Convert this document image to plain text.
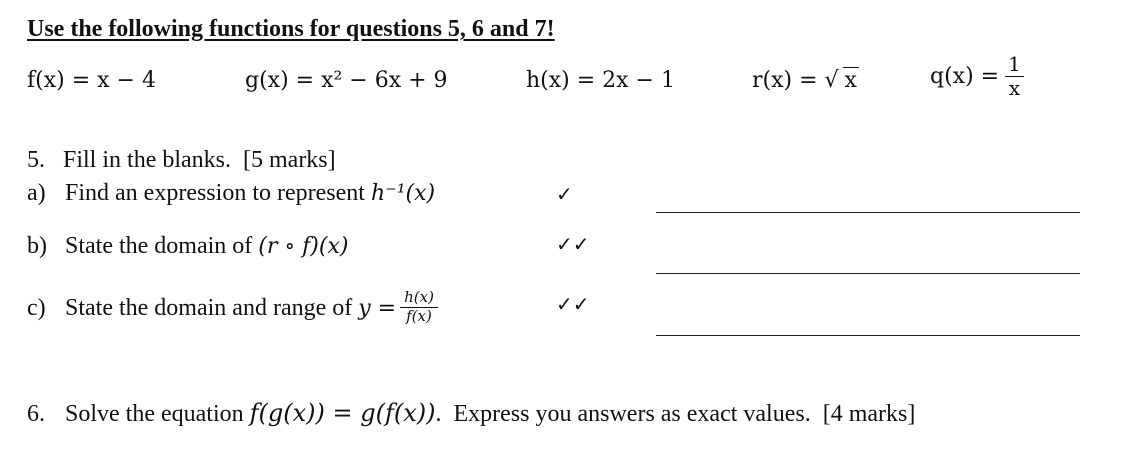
Use the following functions for questions 5, 6 and 7!
f(x) = x − 4	g(x) = x² − 6x + 9	h(x) = 2x − 1	r(x) = √ x	$q(x) = \frac{1}{x}$
5.   Fill in the blanks.  [5 marks]
a) Find an expression to represent h⁻¹(x)	✓
b) State the domain of (r ∘ f)(x)	✓✓
c) State the domain and range of $y = \frac{h(x)}{f(x)}$	✓✓
6. Solve the equation f(g(x)) = g(f(x)).  Express you answers as exact values.  [4 marks]
